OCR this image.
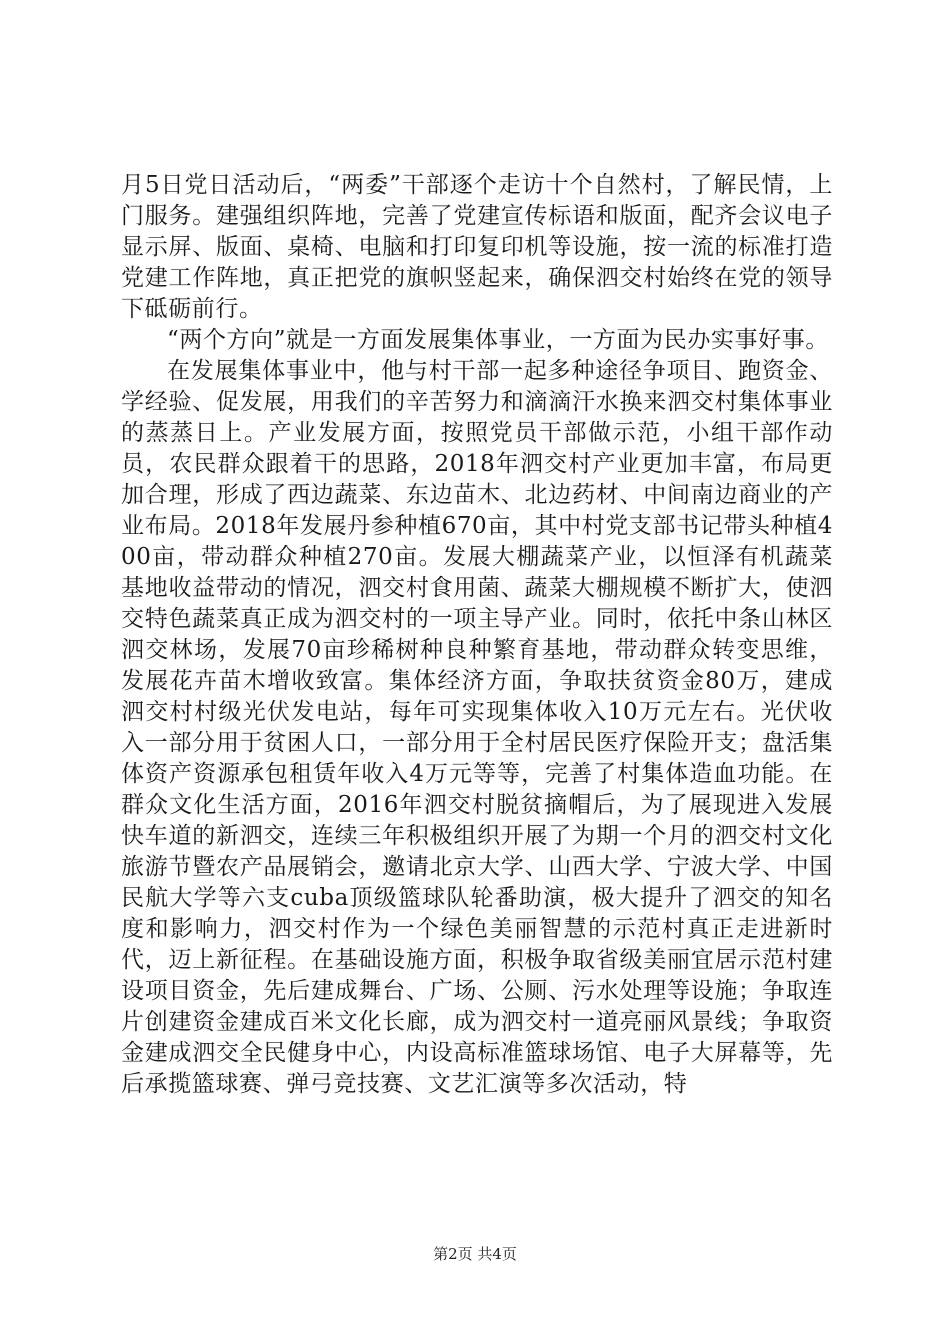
月5日党日活动后，“两委”干部逐个走访十个自然村，了解民情，上门服务。建强组织阵地，完善了党建宣传标语和版面，配齐会议电子显示屏、版面、桌椅、电脑和打印复印机等设施，按一流的标准打造党建工作阵地，真正把党的旗帜竖起来，确保泗交村始终在党的领导下砥砺前行。

“两个方向”就是一方面发展集体事业，一方面为民办实事好事。

在发展集体事业中，他与村干部一起多种途径争项目、跑资金、学经验、促发展，用我们的辛苦努力和滴滴汗水换来泗交村集体事业的蒸蒸日上。产业发展方面，按照党员干部做示范，小组干部作动员，农民群众跟着干的思路，2018年泗交村产业更加丰富，布局更加合理，形成了西边蔬菜、东边苗木、北边药材、中间南边商业的产业布局。2018年发展丹参种植670亩，其中村党支部书记带头种植400亩，带动群众种植270亩。发展大棚蔬菜产业，以恒泽有机蔬菜基地收益带动的情况，泗交村食用菌、蔬菜大棚规模不断扩大，使泗交特色蔬菜真正成为泗交村的一项主导产业。同时，依托中条山林区泗交林场，发展70亩珍稀树种良种繁育基地，带动群众转变思维，发展花卉苗木增收致富。集体经济方面，争取扶贫资金80万，建成泗交村村级光伏发电站，每年可实现集体收入10万元左右。光伏收入一部分用于贫困人口，一部分用于全村居民医疗保险开支；盘活集体资产资源承包租赁年收入4万元等等，完善了村集体造血功能。在群众文化生活方面，2016年泗交村脱贫摘帽后，为了展现进入发展快车道的新泗交，连续三年积极组织开展了为期一个月的泗交村文化旅游节暨农产品展销会，邀请北京大学、山西大学、宁波大学、中国民航大学等六支cuba顶级篮球队轮番助演，极大提升了泗交的知名度和影响力，泗交村作为一个绿色美丽智慧的示范村真正走进新时代，迈上新征程。在基础设施方面，积极争取省级美丽宜居示范村建设项目资金，先后建成舞台、广场、公厕、污水处理等设施；争取连片创建资金建成百米文化长廊，成为泗交村一道亮丽风景线；争取资金建成泗交全民健身中心，内设高标准篮球场馆、电子大屏幕等，先后承揽篮球赛、弹弓竞技赛、文艺汇演等多次活动，特

第2页 共4页
